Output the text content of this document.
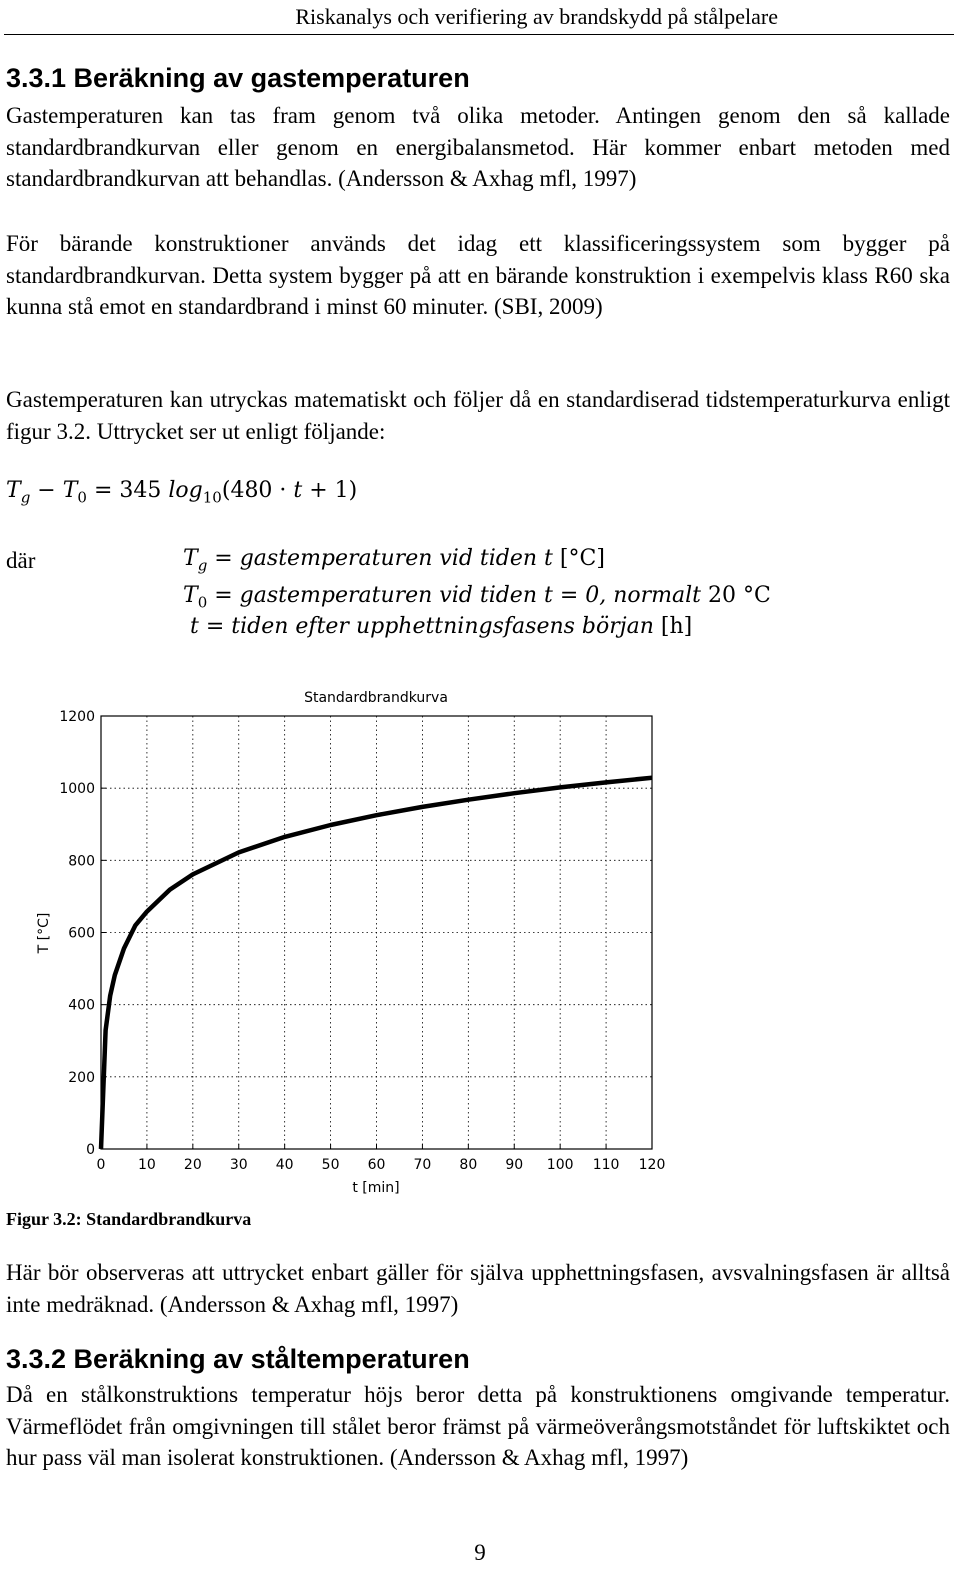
Riskanalys och verifiering av brandskydd på stålpelare
3.3.1 Beräkning av gastemperaturen

Gastemperaturen kan tas fram genom två olika metoder. Antingen genom den så kallade standardbrandkurvan eller genom en energibalansmetod. Här kommer enbart metoden med standardbrandkurvan att behandlas. (Andersson & Axhag mfl, 1997)

För bärande konstruktioner används det idag ett klassificeringssystem som bygger på standardbrandkurvan. Detta system bygger på att en bärande konstruktion i exempelvis klass R60 ska kunna stå emot en standardbrand i minst 60 minuter. (SBI, 2009)

Gastemperaturen kan utryckas matematiskt och följer då en standardiserad tidstemperaturkurva enligt figur 3.2. Uttrycket ser ut enligt följande:

$T_g - T_0 = 345$ $\log_{10}(480 \cdot t + 1)$
där	$T_g$ = gastemperaturen vid tiden t [°C]
$T_0$ = gastemperaturen vid tiden t = 0, normalt 20 °C
t = tiden efter upphettningsfasens början [h]
Standardbrandkurva
0 10 20 30 40 50 60 70 80 90 100 110 120
0
200
400
600
800
1000
1200
t [min]
T [°C]
Figur 3.2: Standardbrandkurva

Här bör observeras att uttrycket enbart gäller för själva upphettningsfasen, avsvalningsfasen är alltså inte medräknad. (Andersson & Axhag mfl, 1997)

3.3.2 Beräkning av ståltemperaturen

Då en stålkonstruktions temperatur höjs beror detta på konstruktionens omgivande temperatur. Värmeflödet från omgivningen till stålet beror främst på värmeöverångsmotståndet för luftskiktet och hur pass väl man isolerat konstruktionen. (Andersson & Axhag mfl, 1997)

9
